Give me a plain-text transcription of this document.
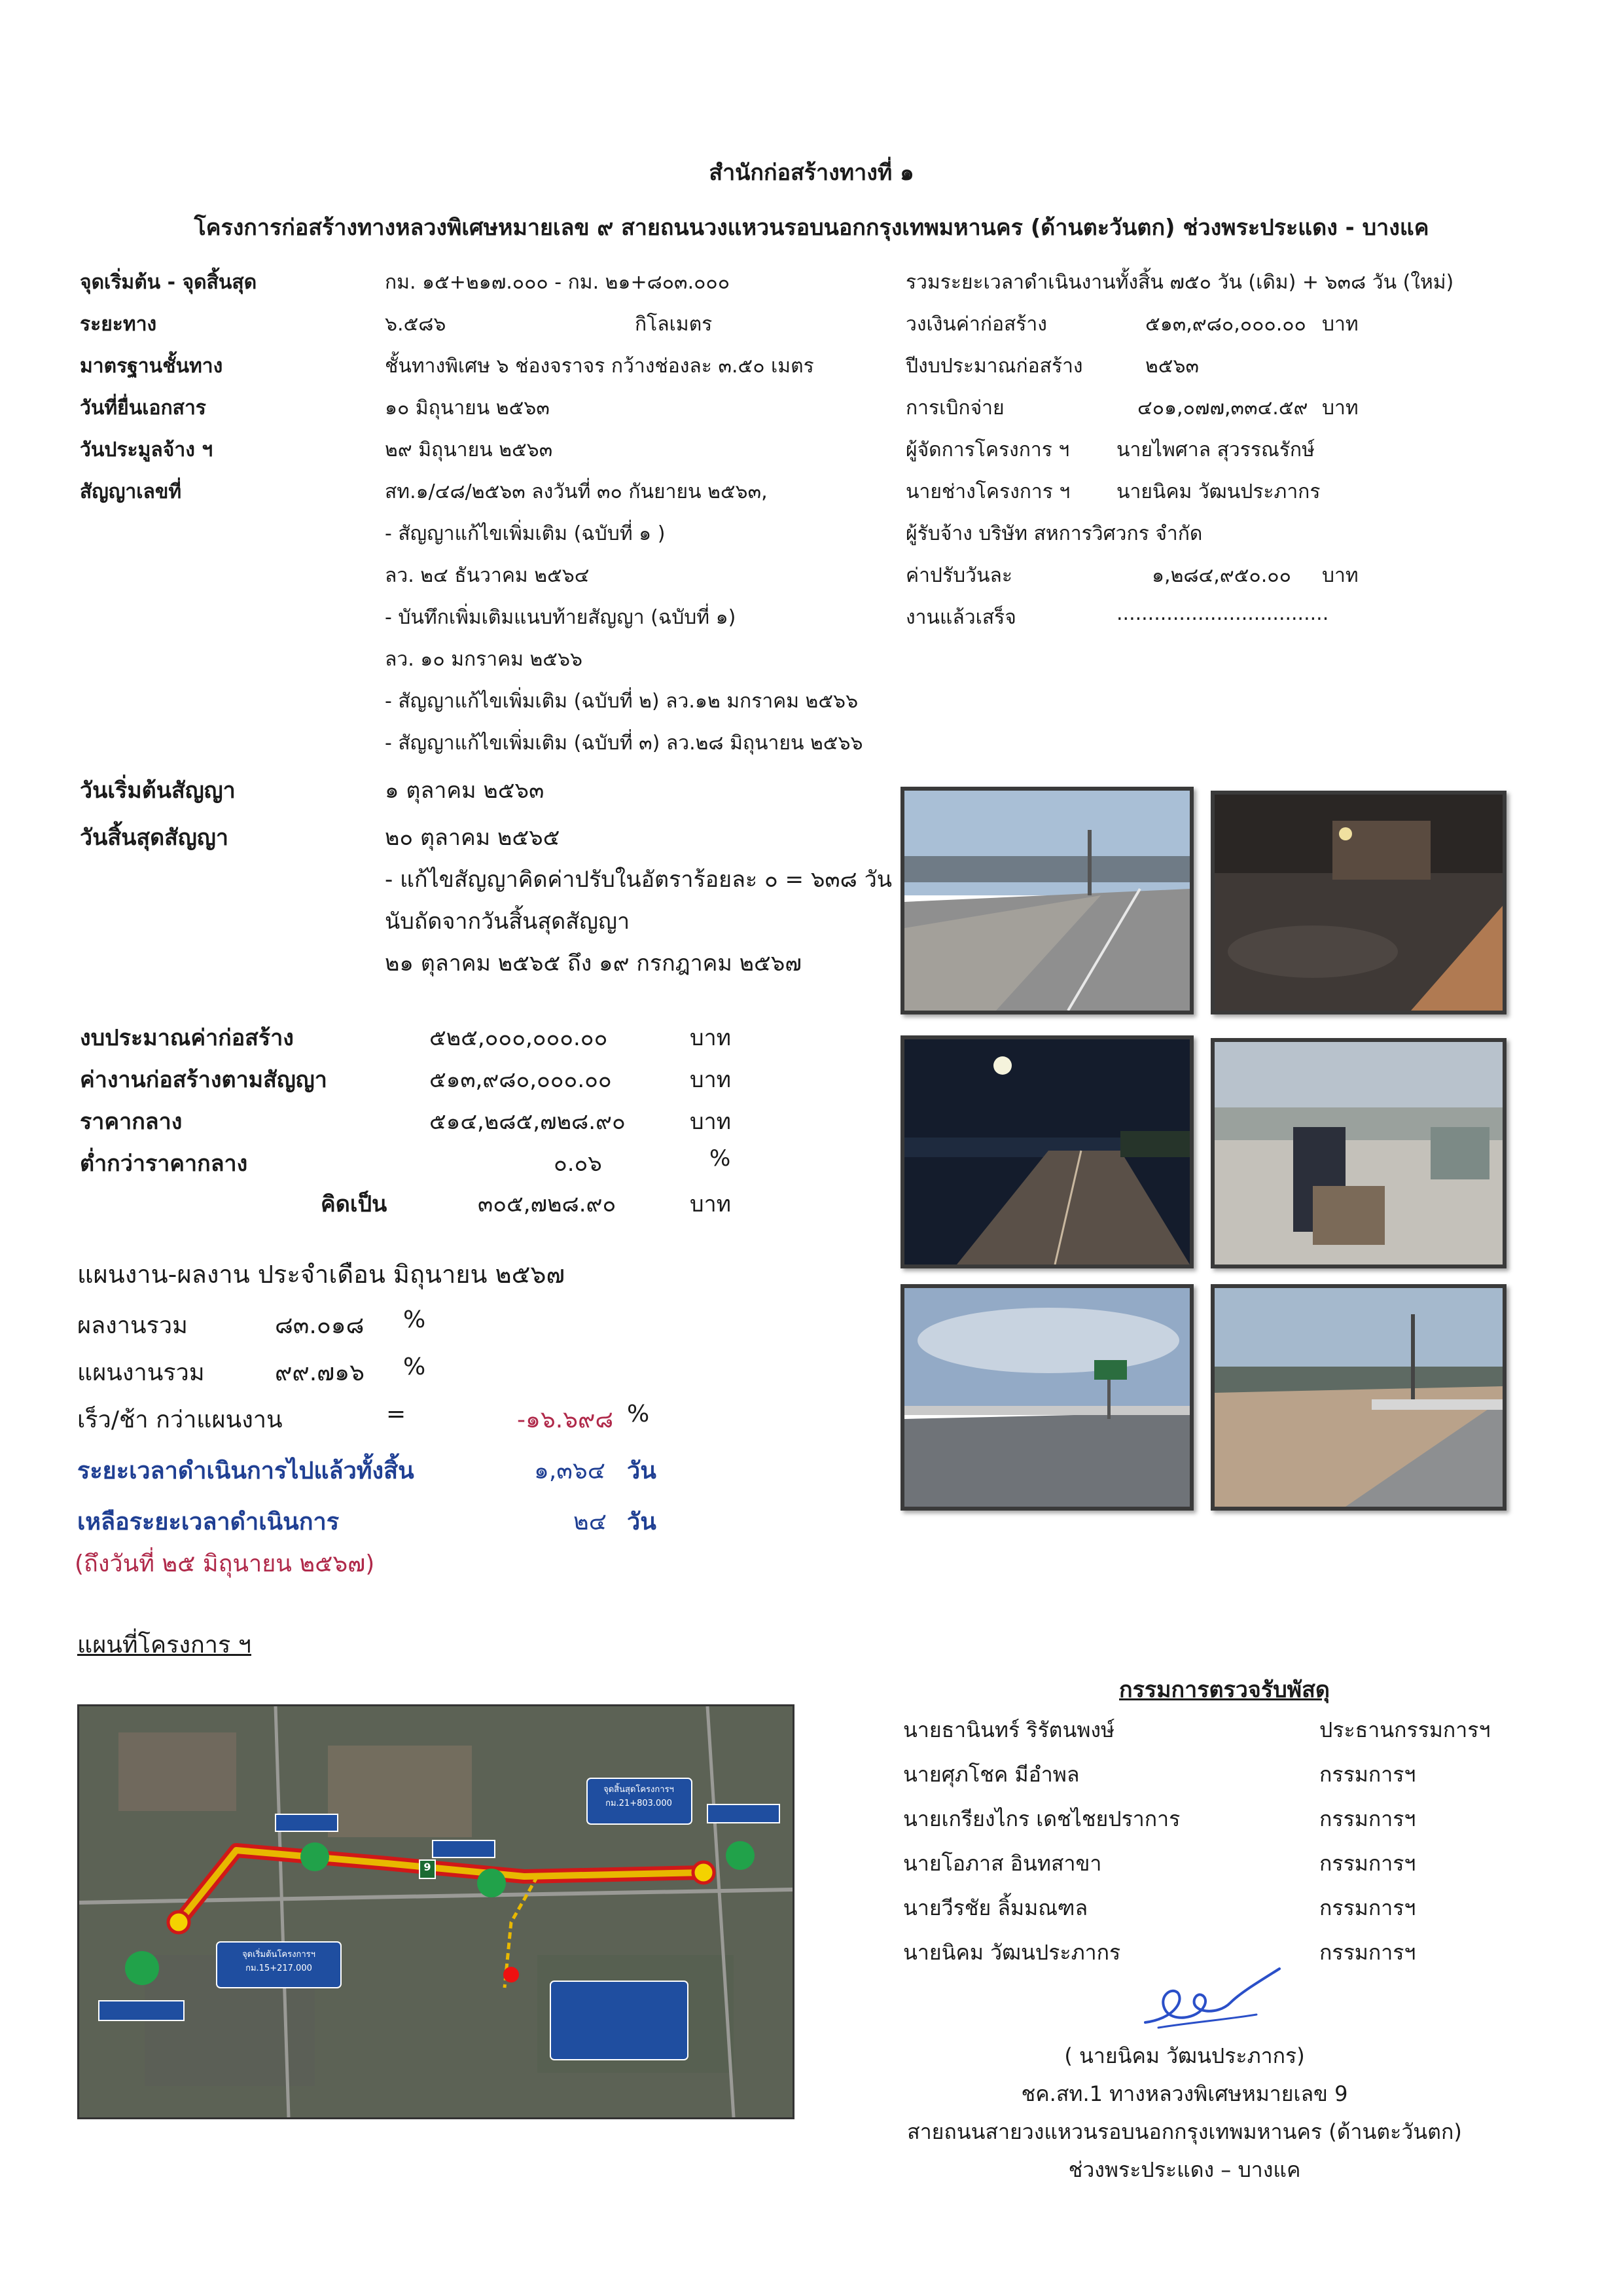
สำนักก่อสร้างทางที่ ๑
โครงการก่อสร้างทางหลวงพิเศษหมายเลข ๙ สายถนนวงแหวนรอบนอกกรุงเทพมหานคร (ด้านตะวันตก) ช่วงพระประแดง - บางแค
จุดเริ่มต้น - จุดสิ้นสุด	กม. ๑๕+๒๑๗.๐๐๐ - กม. ๒๑+๘๐๓.๐๐๐
ระยะทาง	๖.๕๘๖	กิโลเมตร
มาตรฐานชั้นทาง	ชั้นทางพิเศษ ๖ ช่องจราจร กว้างช่องละ ๓.๕๐ เมตร
วันที่ยื่นเอกสาร	๑๐ มิถุนายน ๒๕๖๓
วันประมูลจ้าง ฯ	๒๙ มิถุนายน ๒๕๖๓
สัญญาเลขที่	สท.๑/๔๘/๒๕๖๓ ลงวันที่ ๓๐ กันยายน ๒๕๖๓,
- สัญญาแก้ไขเพิ่มเติม (ฉบับที่ ๑ )
ลว. ๒๔ ธันวาคม ๒๕๖๔
- บันทึกเพิ่มเติมแนบท้ายสัญญา (ฉบับที่ ๑)
ลว. ๑๐ มกราคม ๒๕๖๖
- สัญญาแก้ไขเพิ่มเติม (ฉบับที่ ๒) ลว.๑๒ มกราคม ๒๕๖๖
- สัญญาแก้ไขเพิ่มเติม (ฉบับที่ ๓) ลว.๒๘ มิถุนายน ๒๕๖๖
รวมระยะเวลาดำเนินงานทั้งสิ้น ๗๕๐ วัน (เดิม) + ๖๓๘ วัน (ใหม่)
วงเงินค่าก่อสร้าง	๕๑๓,๙๘๐,๐๐๐.๐๐ บาท
ปีงบประมาณก่อสร้าง	๒๕๖๓
การเบิกจ่าย	๔๐๑,๐๗๗,๓๓๔.๕๙ บาท
ผู้จัดการโครงการ ฯ นายไพศาล สุวรรณรักษ์
นายช่างโครงการ ฯ นายนิคม วัฒนประภากร
ผู้รับจ้าง บริษัท สหการวิศวกร จำกัด
ค่าปรับวันละ	๑,๒๘๔,๙๕๐.๐๐ บาท
งานแล้วเสร็จ	..................................
วันเริ่มต้นสัญญา	๑ ตุลาคม ๒๕๖๓
วันสิ้นสุดสัญญา	๒๐ ตุลาคม ๒๕๖๕
- แก้ไขสัญญาคิดค่าปรับในอัตราร้อยละ ๐ = ๖๓๘ วัน
นับถัดจากวันสิ้นสุดสัญญา
๒๑ ตุลาคม ๒๕๖๕ ถึง ๑๙ กรกฎาคม ๒๕๖๗
งบประมาณค่าก่อสร้าง	๕๒๕,๐๐๐,๐๐๐.๐๐	บาท
ค่างานก่อสร้างตามสัญญา	๕๑๓,๙๘๐,๐๐๐.๐๐	บาท
ราคากลาง	๕๑๔,๒๘๕,๗๒๘.๙๐	บาท
ต่ำกว่าราคากลาง	๐.๐๖	%
คิดเป็น	๓๐๕,๗๒๘.๙๐	บาท
แผนงาน-ผลงาน ประจำเดือน มิถุนายน ๒๕๖๗
ผลงานรวม	๘๓.๐๑๘ %
แผนงานรวม	๙๙.๗๑๖ %
เร็ว/ช้า กว่าแผนงาน	=	-๑๖.๖๙๘ %
ระยะเวลาดำเนินการไปแล้วทั้งสิ้น	๑,๓๖๔ วัน
เหลือระยะเวลาดำเนินการ	๒๔ วัน
(ถึงวันที่ ๒๕ มิถุนายน ๒๕๖๗)
แผนที่โครงการ ฯ
จุดสิ้นสุดโครงการฯ
กม.21+803.000
จุดเริ่มต้นโครงการฯ
กม.15+217.000
9
กรรมการตรวจรับพัสดุ
นายธานินทร์ ริรัตนพงษ์	ประธานกรรมการฯ
นายศุภโชค มีอำพล	กรรมการฯ
นายเกรียงไกร เดชไชยปราการ	กรรมการฯ
นายโอภาส อินทสาขา	กรรมการฯ
นายวีรชัย ลิ้มมณฑล	กรรมการฯ
นายนิคม วัฒนประภากร	กรรมการฯ
( นายนิคม วัฒนประภากร)
ชค.สท.1 ทางหลวงพิเศษหมายเลข 9
สายถนนสายวงแหวนรอบนอกกรุงเทพมหานคร (ด้านตะวันตก)
ช่วงพระประแดง – บางแค
